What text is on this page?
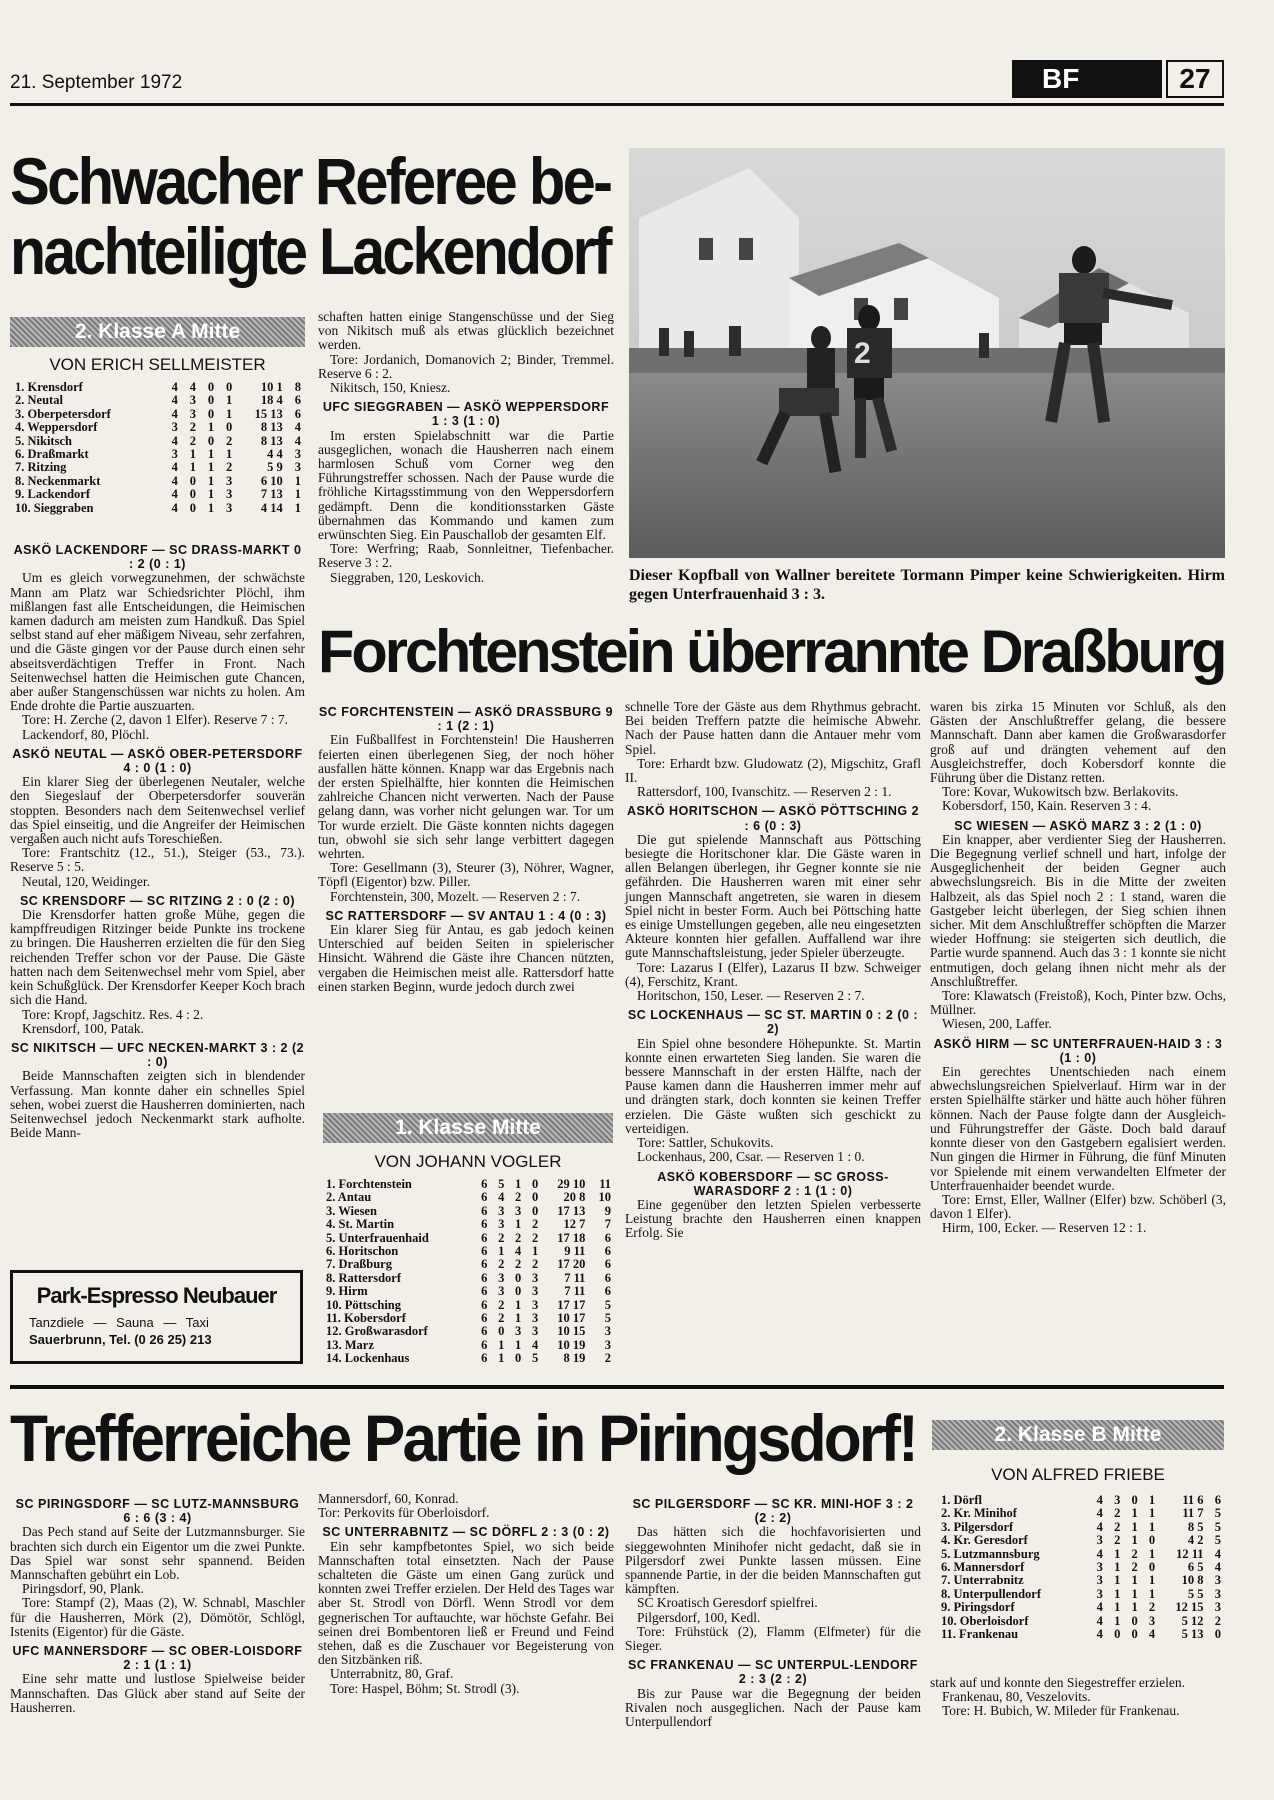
21. September 1972	BF	27
Schwacher Referee be-
nachteiligte Lackendorf
2. Klasse A Mitte
VON ERICH SELLMEISTER
1. Krensdorf	4	4	0	0	10 1	8
2. Neutal	4	3	0	1	18 4	6
3. Oberpetersdorf	4	3	0	1	15 13	6
4. Weppersdorf	3	2	1	0	8 13	4
5. Nikitsch	4	2	0	2	8 13	4
6. Draßmarkt	3	1	1	1	4 4	3
7. Ritzing	4	1	1	2	5 9	3
8. Neckenmarkt	4	0	1	3	6 10	1
9. Lackendorf	4	0	1	3	7 13	1
10. Sieggraben	4	0	1	3	4 14	1

ASKÖ LACKENDORF — SC DRASS-MARKT 0 : 2 (0 : 1)

Um es gleich vorwegzunehmen, der schwächste Mann am Platz war Schiedsrichter Plöchl, ihm mißlangen fast alle Entscheidungen, die Heimischen kamen dadurch am meisten zum Handkuß. Das Spiel selbst stand auf eher mäßigem Niveau, sehr zerfahren, und die Gäste gingen vor der Pause durch einen sehr abseitsverdächtigen Treffer in Front. Nach Seitenwechsel hatten die Heimischen gute Chancen, aber außer Stangenschüssen war nichts zu holen. Am Ende drohte die Partie auszuarten.

Tore: H. Zerche (2, davon 1 Elfer). Reserve 7 : 7.

Lackendorf, 80, Plöchl.

ASKÖ NEUTAL — ASKÖ OBER-PETERSDORF 4 : 0 (1 : 0)

Ein klarer Sieg der überlegenen Neutaler, welche den Siegeslauf der Oberpetersdorfer souverän stoppten. Besonders nach dem Seitenwechsel verlief das Spiel einseitig, und die Angreifer der Heimischen vergaßen auch nicht aufs Toreschießen.

Tore: Frantschitz (12., 51.), Steiger (53., 73.). Reserve 5 : 5.

Neutal, 120, Weidinger.

SC KRENSDORF — SC RITZING 2 : 0 (2 : 0)

Die Krensdorfer hatten große Mühe, gegen die kampffreudigen Ritzinger beide Punkte ins trockene zu bringen. Die Hausherren erzielten die für den Sieg reichenden Treffer schon vor der Pause. Die Gäste hatten nach dem Seitenwechsel mehr vom Spiel, aber kein Schußglück. Der Krensdorfer Keeper Koch brach sich die Hand.

Tore: Kropf, Jagschitz. Res. 4 : 2.

Krensdorf, 100, Patak.

SC NIKITSCH — UFC NECKEN-MARKT 3 : 2 (2 : 0)

Beide Mannschaften zeigten sich in blendender Verfassung. Man konnte daher ein schnelles Spiel sehen, wobei zuerst die Hausherren dominierten, nach Seitenwechsel jedoch Neckenmarkt stark aufholte. Beide Mann-

schaften hatten einige Stangenschüsse und der Sieg von Nikitsch muß als etwas glücklich bezeichnet werden.

Tore: Jordanich, Domanovich 2; Binder, Tremmel. Reserve 6 : 2.

Nikitsch, 150, Kniesz.

UFC SIEGGRABEN — ASKÖ WEPPERSDORF 1 : 3 (1 : 0)

Im ersten Spielabschnitt war die Partie ausgeglichen, wonach die Hausherren nach einem harmlosen Schuß vom Corner weg den Führungstreffer schossen. Nach der Pause wurde die fröhliche Kirtagsstimmung von den Weppersdorfern gedämpft. Denn die konditionsstarken Gäste übernahmen das Kommando und kamen zum erwünschten Sieg. Ein Pauschallob der gesamten Elf.

Tore: Werfring; Raab, Sonnleitner, Tiefenbacher. Reserve 3 : 2.

Sieggraben, 120, Leskovich.

2
Dieser Kopfball von Wallner bereitete Tormann Pimper keine Schwierigkeiten. Hirm gegen Unterfrauenhaid 3 : 3.
Forchtenstein überrannte Draßburg

SC FORCHTENSTEIN — ASKÖ DRASSBURG 9 : 1 (2 : 1)

Ein Fußballfest in Forchtenstein! Die Hausherren feierten einen überlegenen Sieg, der noch höher ausfallen hätte können. Knapp war das Ergebnis nach der ersten Spielhälfte, hier konnten die Heimischen zahlreiche Chancen nicht verwerten. Nach der Pause gelang dann, was vorher nicht gelungen war. Tor um Tor wurde erzielt. Die Gäste konnten nichts dagegen tun, obwohl sie sich sehr lange verbittert dagegen wehrten.

Tore: Gesellmann (3), Steurer (3), Nöhrer, Wagner, Töpfl (Eigentor) bzw. Piller.

Forchtenstein, 300, Mozelt. — Reserven 2 : 7.

SC RATTERSDORF — SV ANTAU 1 : 4 (0 : 3)

Ein klarer Sieg für Antau, es gab jedoch keinen Unterschied auf beiden Seiten in spielerischer Hinsicht. Während die Gäste ihre Chancen nützten, vergaben die Heimischen meist alle. Rattersdorf hatte einen starken Beginn, wurde jedoch durch zwei

1. Klasse Mitte
VON JOHANN VOGLER
1. Forchtenstein	6	5	1	0	29 10	11
2. Antau	6	4	2	0	20 8	10
3. Wiesen	6	3	3	0	17 13	9
4. St. Martin	6	3	1	2	12 7	7
5. Unterfrauenhaid	6	2	2	2	17 18	6
6. Horitschon	6	1	4	1	9 11	6
7. Draßburg	6	2	2	2	17 20	6
8. Rattersdorf	6	3	0	3	7 11	6
9. Hirm	6	3	0	3	7 11	6
10. Pöttsching	6	2	1	3	17 17	5
11. Kobersdorf	6	2	1	3	10 17	5
12. Großwarasdorf	6	0	3	3	10 15	3
13. Marz	6	1	1	4	10 19	3
14. Lockenhaus	6	1	0	5	8 19	2

schnelle Tore der Gäste aus dem Rhythmus gebracht. Bei beiden Treffern patzte die heimische Abwehr. Nach der Pause hatten dann die Antauer mehr vom Spiel.

Tore: Erhardt bzw. Gludowatz (2), Migschitz, Grafl II.

Rattersdorf, 100, Ivanschitz. — Reserven 2 : 1.

ASKÖ HORITSCHON — ASKÖ PÖTTSCHING 2 : 6 (0 : 3)

Die gut spielende Mannschaft aus Pöttsching besiegte die Horitschoner klar. Die Gäste waren in allen Belangen überlegen, ihr Gegner konnte sie nie gefährden. Die Hausherren waren mit einer sehr jungen Mannschaft angetreten, sie waren in diesem Spiel nicht in bester Form. Auch bei Pöttsching hatte es einige Umstellungen gegeben, alle neu eingesetzten Akteure konnten hier gefallen. Auffallend war ihre gute Mannschaftsleistung, jeder Spieler überzeugte.

Tore: Lazarus I (Elfer), Lazarus II bzw. Schweiger (4), Ferschitz, Krant.

Horitschon, 150, Leser. — Reserven 2 : 7.

SC LOCKENHAUS — SC ST. MARTIN 0 : 2 (0 : 2)

Ein Spiel ohne besondere Höhepunkte. St. Martin konnte einen erwarteten Sieg landen. Sie waren die bessere Mannschaft in der ersten Hälfte, nach der Pause kamen dann die Hausherren immer mehr auf und drängten stark, doch konnten sie keinen Treffer erzielen. Die Gäste wußten sich geschickt zu verteidigen.

Tore: Sattler, Schukovits.

Lockenhaus, 200, Csar. — Reserven 1 : 0.

ASKÖ KOBERSDORF — SC GROSS-WARASDORF 2 : 1 (1 : 0)

Eine gegenüber den letzten Spielen verbesserte Leistung brachte den Hausherren einen knappen Erfolg. Sie

waren bis zirka 15 Minuten vor Schluß, als den Gästen der Anschlußtreffer gelang, die bessere Mannschaft. Dann aber kamen die Großwarasdorfer groß auf und drängten vehement auf den Ausgleichstreffer, doch Kobersdorf konnte die Führung über die Distanz retten.

Tore: Kovar, Wukowitsch bzw. Berlakovits.

Kobersdorf, 150, Kain. Reserven 3 : 4.

SC WIESEN — ASKÖ MARZ 3 : 2 (1 : 0)

Ein knapper, aber verdienter Sieg der Hausherren. Die Begegnung verlief schnell und hart, infolge der Ausgeglichenheit der beiden Gegner auch abwechslungsreich. Bis in die Mitte der zweiten Halbzeit, als das Spiel noch 2 : 1 stand, waren die Gastgeber leicht überlegen, der Sieg schien ihnen sicher. Mit dem Anschlußtreffer schöpften die Marzer wieder Hoffnung: sie steigerten sich deutlich, die Partie wurde spannend. Auch das 3 : 1 konnte sie nicht entmutigen, doch gelang ihnen nicht mehr als der Anschlußtreffer.

Tore: Klawatsch (Freistoß), Koch, Pinter bzw. Ochs, Müllner.

Wiesen, 200, Laffer.

ASKÖ HIRM — SC UNTERFRAUEN-HAID 3 : 3 (1 : 0)

Ein gerechtes Unentschieden nach einem abwechslungsreichen Spielverlauf. Hirm war in der ersten Spielhälfte stärker und hätte auch höher führen können. Nach der Pause folgte dann der Ausgleich- und Führungstreffer der Gäste. Doch bald darauf konnte dieser von den Gastgebern egalisiert werden. Nun gingen die Hirmer in Führung, die fünf Minuten vor Spielende mit einem verwandelten Elfmeter der Unterfrauenhaider beendet wurde.

Tore: Ernst, Eller, Wallner (Elfer) bzw. Schöberl (3, davon 1 Elfer).

Hirm, 100, Ecker. — Reserven 12 : 1.

Park-Espresso Neubauer
Tanzdiele — Sauna — Taxi
Sauerbrunn, Tel. (0 26 25) 213
Trefferreiche Partie in Piringsdorf!	2. Klasse B Mitte
VON ALFRED FRIEBE
1. Dörfl	4	3	0	1	11 6	6
2. Kr. Minihof	4	2	1	1	11 7	5
3. Pilgersdorf	4	2	1	1	8 5	5
4. Kr. Geresdorf	3	2	1	0	4 2	5
5. Lutzmannsburg	4	1	2	1	12 11	4
6. Mannersdorf	3	1	2	0	6 5	4
7. Unterrabnitz	3	1	1	1	10 8	3
8. Unterpullendorf	3	1	1	1	5 5	3
9. Piringsdorf	4	1	1	2	12 15	3
10. Oberloisdorf	4	1	0	3	5 12	2
11. Frankenau	4	0	0	4	5 13	0

SC PIRINGSDORF — SC LUTZ-MANNSBURG 6 : 6 (3 : 4)

Das Pech stand auf Seite der Lutzmannsburger. Sie brachten sich durch ein Eigentor um die zwei Punkte. Das Spiel war sonst sehr spannend. Beiden Mannschaften gebührt ein Lob.

Piringsdorf, 90, Plank.

Tore: Stampf (2), Maas (2), W. Schnabl, Maschler für die Hausherren, Mörk (2), Dömötör, Schlögl, Istenits (Eigentor) für die Gäste.

UFC MANNERSDORF — SC OBER-LOISDORF 2 : 1 (1 : 1)

Eine sehr matte und lustlose Spielweise beider Mannschaften. Das Glück aber stand auf Seite der Hausherren.

Mannersdorf, 60, Konrad.

Tor: Perkovits für Oberloisdorf.

SC UNTERRABNITZ — SC DÖRFL 2 : 3 (0 : 2)

Ein sehr kampfbetontes Spiel, wo sich beide Mannschaften total einsetzten. Nach der Pause schalteten die Gäste um einen Gang zurück und konnten zwei Treffer erzielen. Der Held des Tages war aber St. Strodl von Dörfl. Wenn Strodl vor dem gegnerischen Tor auftauchte, war höchste Gefahr. Bei seinen drei Bombentoren ließ er Freund und Feind stehen, daß es die Zuschauer vor Begeisterung von den Sitzbänken riß.

Unterrabnitz, 80, Graf.

Tore: Haspel, Böhm; St. Strodl (3).

SC PILGERSDORF — SC KR. MINI-HOF 3 : 2 (2 : 2)

Das hätten sich die hochfavorisierten und sieggewohnten Minihofer nicht gedacht, daß sie in Pilgersdorf zwei Punkte lassen müssen. Eine spannende Partie, in der die beiden Mannschaften gut kämpften.

SC Kroatisch Geresdorf spielfrei.

Pilgersdorf, 100, Kedl.

Tore: Frühstück (2), Flamm (Elfmeter) für die Sieger.

SC FRANKENAU — SC UNTERPUL-LENDORF 2 : 3 (2 : 2)

Bis zur Pause war die Begegnung der beiden Rivalen noch ausgeglichen. Nach der Pause kam Unterpullendorf

stark auf und konnte den Siegestreffer erzielen.

Frankenau, 80, Veszelovits.

Tore: H. Bubich, W. Mileder für Frankenau.
